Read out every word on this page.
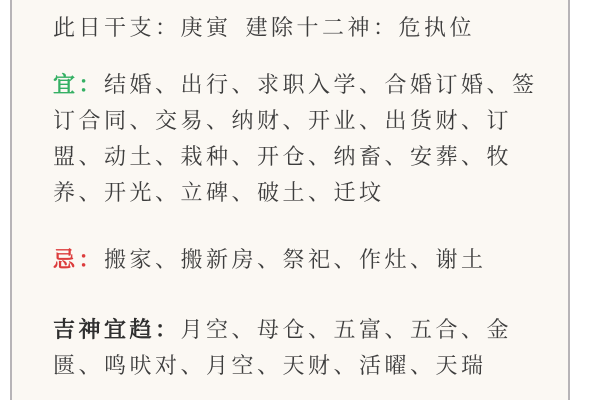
此日干支：庚寅 建除十二神：危执位

宜：结婚、出行、求职入学、合婚订婚、签订合同、交易、纳财、开业、出货财、订盟、动土、栽种、开仓、纳畜、安葬、牧养、开光、立碑、破土、迁坟

忌：搬家、搬新房、祭祀、作灶、谢土

吉神宜趋：月空、母仓、五富、五合、金匮、鸣吠对、月空、天财、活曜、天瑞
